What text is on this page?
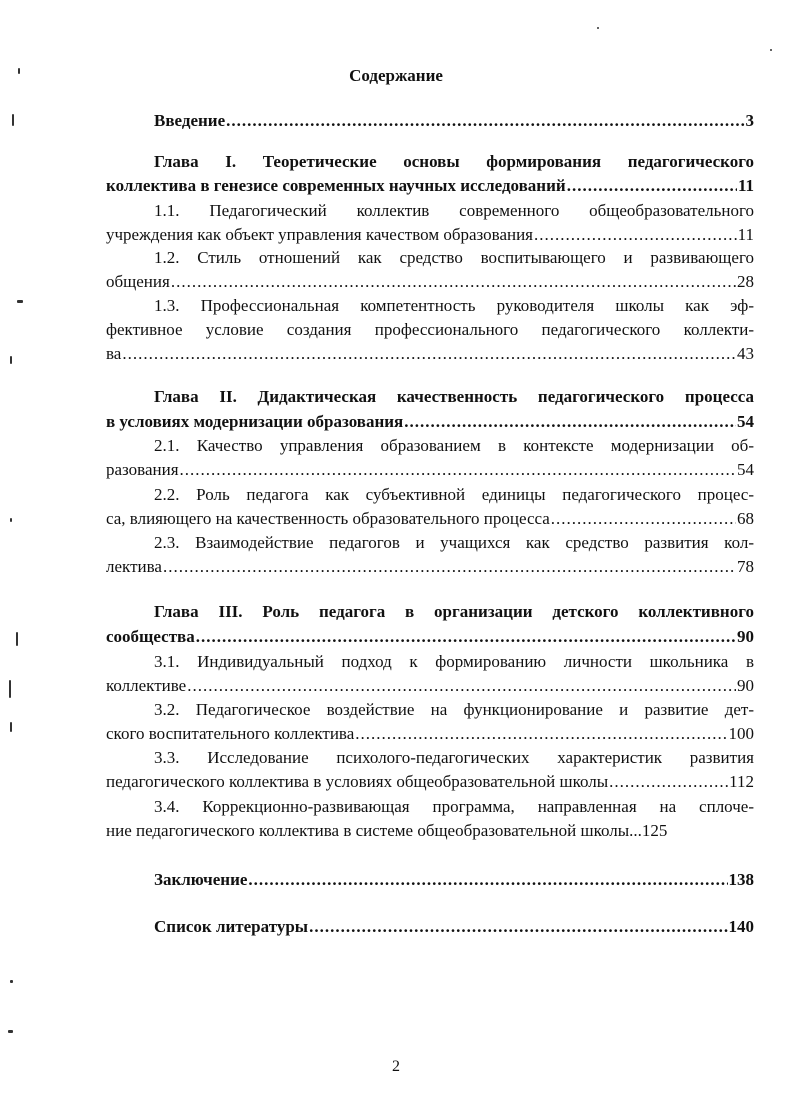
Содержание
Введение .....	3
Глава I. Теоретические основы формирования педагогического
коллектива в генезисе современных научных исследований .....	11
1.1. Педагогический коллектив современного общеобразовательного
учреждения как объект управления качеством образования .....	11
1.2. Стиль отношений как средство воспитывающего и развивающего
общения .....	28
1.3. Профессиональная компетентность руководителя школы как эф-
фективное условие создания профессионального педагогического коллекти-
ва .....	43
Глава II. Дидактическая качественность педагогического процесса
в условиях модернизации образования .....	54
2.1. Качество управления образованием в контексте модернизации об-
разования .....	54
2.2. Роль педагога как субъективной единицы педагогического процес-
са, влияющего на качественность образовательного процесса .....	68
2.3. Взаимодействие педагогов и учащихся как средство развития кол-
лектива .....	78
Глава III. Роль педагога в организации детского коллективного
сообщества .....	90
3.1. Индивидуальный подход к формированию личности школьника в
коллективе .....	90
3.2. Педагогическое воздействие на функционирование и развитие дет-
ского воспитательного коллектива .....	100
3.3. Исследование психолого-педагогических характеристик развития
педагогического коллектива в условиях общеобразовательной школы .....	112
3.4. Коррекционно-развивающая программа, направленная на сплоче-
ние педагогического коллектива в системе общеобразовательной школы... 125
Заключение .....	138
Список литературы .....	140
2
